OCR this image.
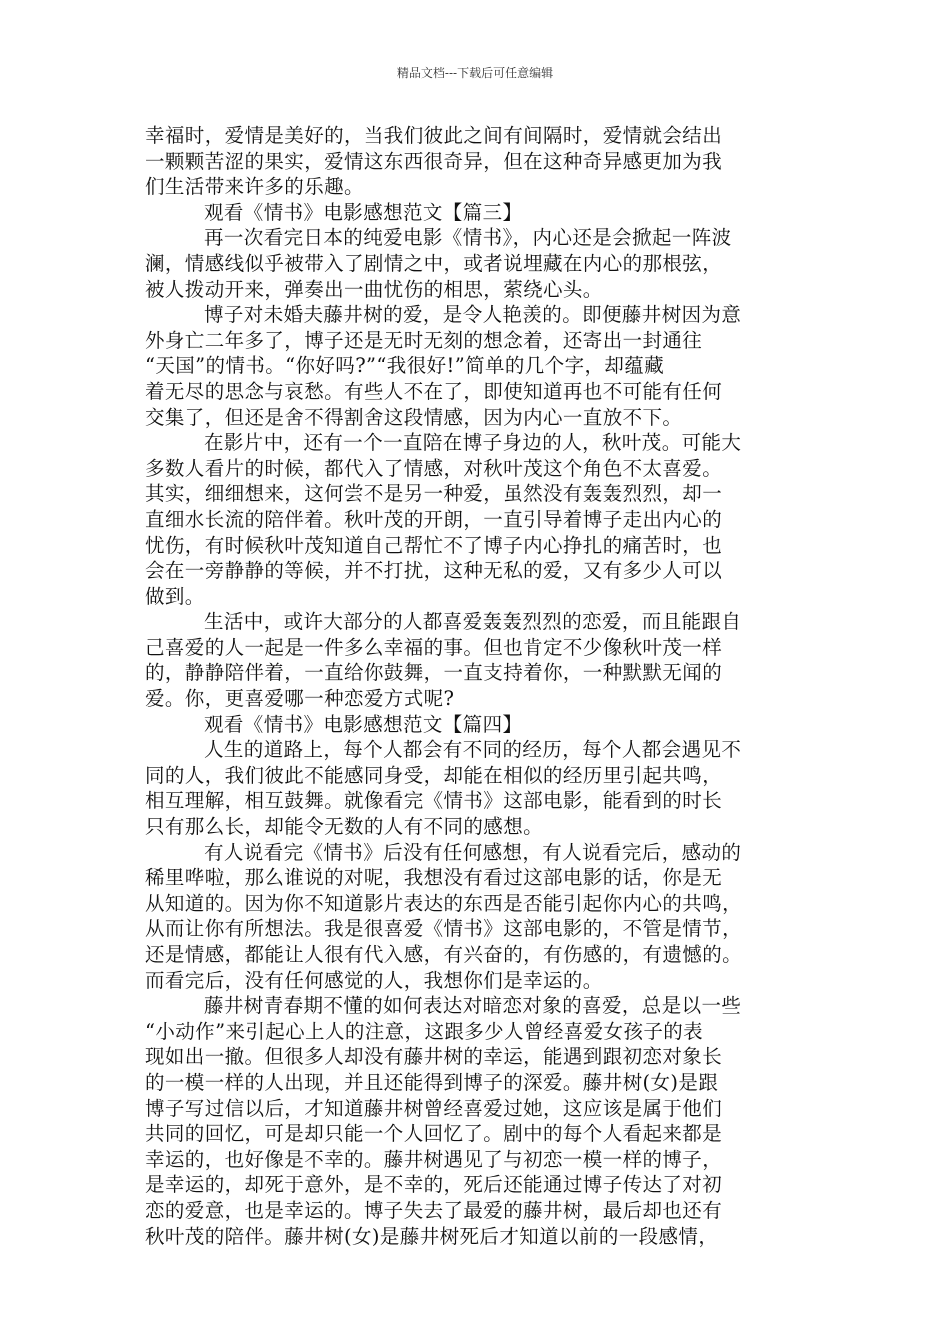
精品文档---下载后可任意编辑
幸福时，爱情是美好的，当我们彼此之间有间隔时，爱情就会结出
一颗颗苦涩的果实，爱情这东西很奇异，但在这种奇异感更加为我
们生活带来许多的乐趣。
观看《情书》电影感想范文【篇三】
再一次看完日本的纯爱电影《情书》，内心还是会掀起一阵波
澜，情感线似乎被带入了剧情之中，或者说埋藏在内心的那根弦，
被人拨动开来，弹奏出一曲忧伤的相思，萦绕心头。
博子对未婚夫藤井树的爱，是令人艳羡的。即便藤井树因为意
外身亡二年多了，博子还是无时无刻的想念着，还寄出一封通往
“天国”的情书。“你好吗?”“我很好!”简单的几个字，却蕴藏
着无尽的思念与哀愁。有些人不在了，即使知道再也不可能有任何
交集了，但还是舍不得割舍这段情感，因为内心一直放不下。
在影片中，还有一个一直陪在博子身边的人，秋叶茂。可能大
多数人看片的时候，都代入了情感，对秋叶茂这个角色不太喜爱。
其实，细细想来，这何尝不是另一种爱，虽然没有轰轰烈烈，却一
直细水长流的陪伴着。秋叶茂的开朗，一直引导着博子走出内心的
忧伤，有时候秋叶茂知道自己帮忙不了博子内心挣扎的痛苦时，也
会在一旁静静的等候，并不打扰，这种无私的爱，又有多少人可以
做到。
生活中，或许大部分的人都喜爱轰轰烈烈的恋爱，而且能跟自
己喜爱的人一起是一件多么幸福的事。但也肯定不少像秋叶茂一样
的，静静陪伴着，一直给你鼓舞，一直支持着你，一种默默无闻的
爱。你，更喜爱哪一种恋爱方式呢?
观看《情书》电影感想范文【篇四】
人生的道路上，每个人都会有不同的经历，每个人都会遇见不
同的人，我们彼此不能感同身受，却能在相似的经历里引起共鸣，
相互理解，相互鼓舞。就像看完《情书》这部电影，能看到的时长
只有那么长，却能令无数的人有不同的感想。
有人说看完《情书》后没有任何感想，有人说看完后，感动的
稀里哗啦，那么谁说的对呢，我想没有看过这部电影的话，你是无
从知道的。因为你不知道影片表达的东西是否能引起你内心的共鸣，
从而让你有所想法。我是很喜爱《情书》这部电影的，不管是情节，
还是情感，都能让人很有代入感，有兴奋的，有伤感的，有遗憾的。
而看完后，没有任何感觉的人，我想你们是幸运的。
藤井树青春期不懂的如何表达对暗恋对象的喜爱，总是以一些
“小动作”来引起心上人的注意，这跟多少人曾经喜爱女孩子的表
现如出一撤。但很多人却没有藤井树的幸运，能遇到跟初恋对象长
的一模一样的人出现，并且还能得到博子的深爱。藤井树(女)是跟
博子写过信以后，才知道藤井树曾经喜爱过她，这应该是属于他们
共同的回忆，可是却只能一个人回忆了。剧中的每个人看起来都是
幸运的，也好像是不幸的。藤井树遇见了与初恋一模一样的博子，
是幸运的，却死于意外，是不幸的，死后还能通过博子传达了对初
恋的爱意，也是幸运的。博子失去了最爱的藤井树，最后却也还有
秋叶茂的陪伴。藤井树(女)是藤井树死后才知道以前的一段感情，
